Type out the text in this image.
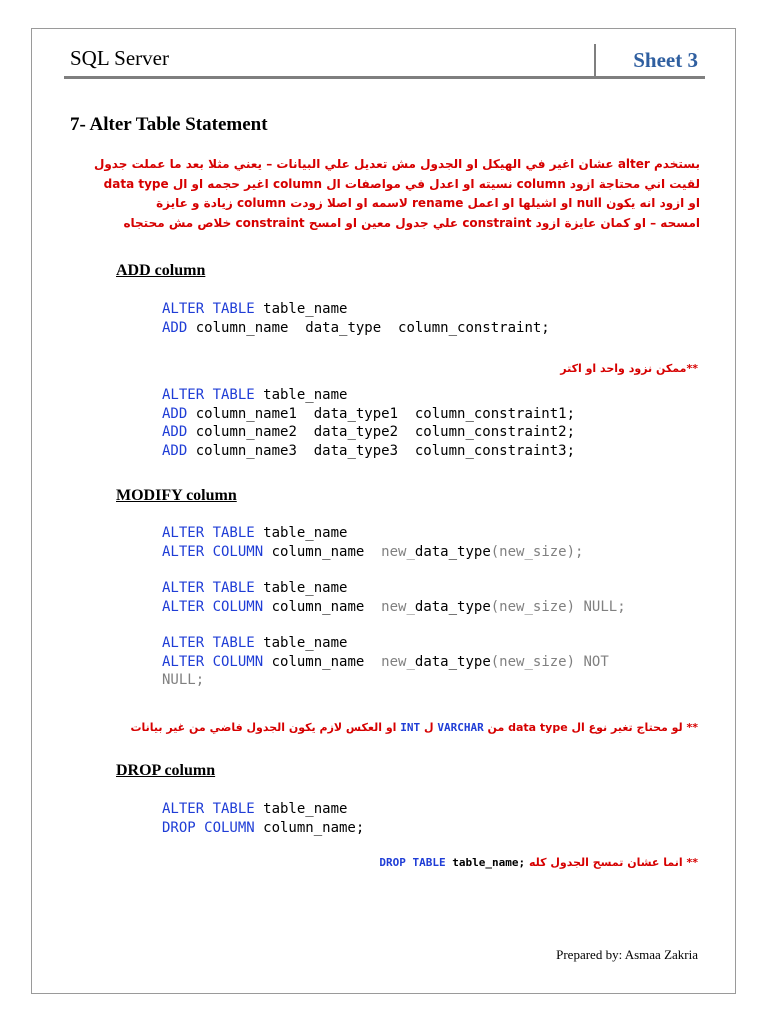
SQL Server	Sheet 3
7- Alter Table Statement
بستخدم alter عشان اغير في الهيكل او الجدول مش تعديل علي البيانات – يعني مثلا بعد ما عملت جدول
لقيت اني محتاجة ازود column نسيته او اعدل في مواصفات ال column اغير حجمه او ال data type
او ازود انه يكون null او اشيلها او اعمل rename لاسمه او اصلا زودت column زيادة و عايزة
امسحه – او كمان عايزة ازود constraint علي جدول معين او امسح constraint خلاص مش محتجاه
ADD column
ALTER TABLE table_name
ADD column_name  data_type  column_constraint;
**ممكن نزود واحد او اكتر
ALTER TABLE table_name
ADD column_name1  data_type1  column_constraint1;
ADD column_name2  data_type2  column_constraint2;
ADD column_name3  data_type3  column_constraint3;
MODIFY column
ALTER TABLE table_name
ALTER COLUMN column_name  new_data_type(new_size);
ALTER TABLE table_name
ALTER COLUMN column_name  new_data_type(new_size) NULL;
ALTER TABLE table_name
ALTER COLUMN column_name  new_data_type(new_size) NOT
NULL;
** لو محتاج تغير نوع ال data type من VARCHAR ل INT او العكس لازم يكون الجدول فاضي من غير بيانات
DROP column
ALTER TABLE table_name
DROP COLUMN column_name;
** انما عشان تمسح الجدول كله DROP TABLE table_name;
Prepared by: Asmaa Zakria
